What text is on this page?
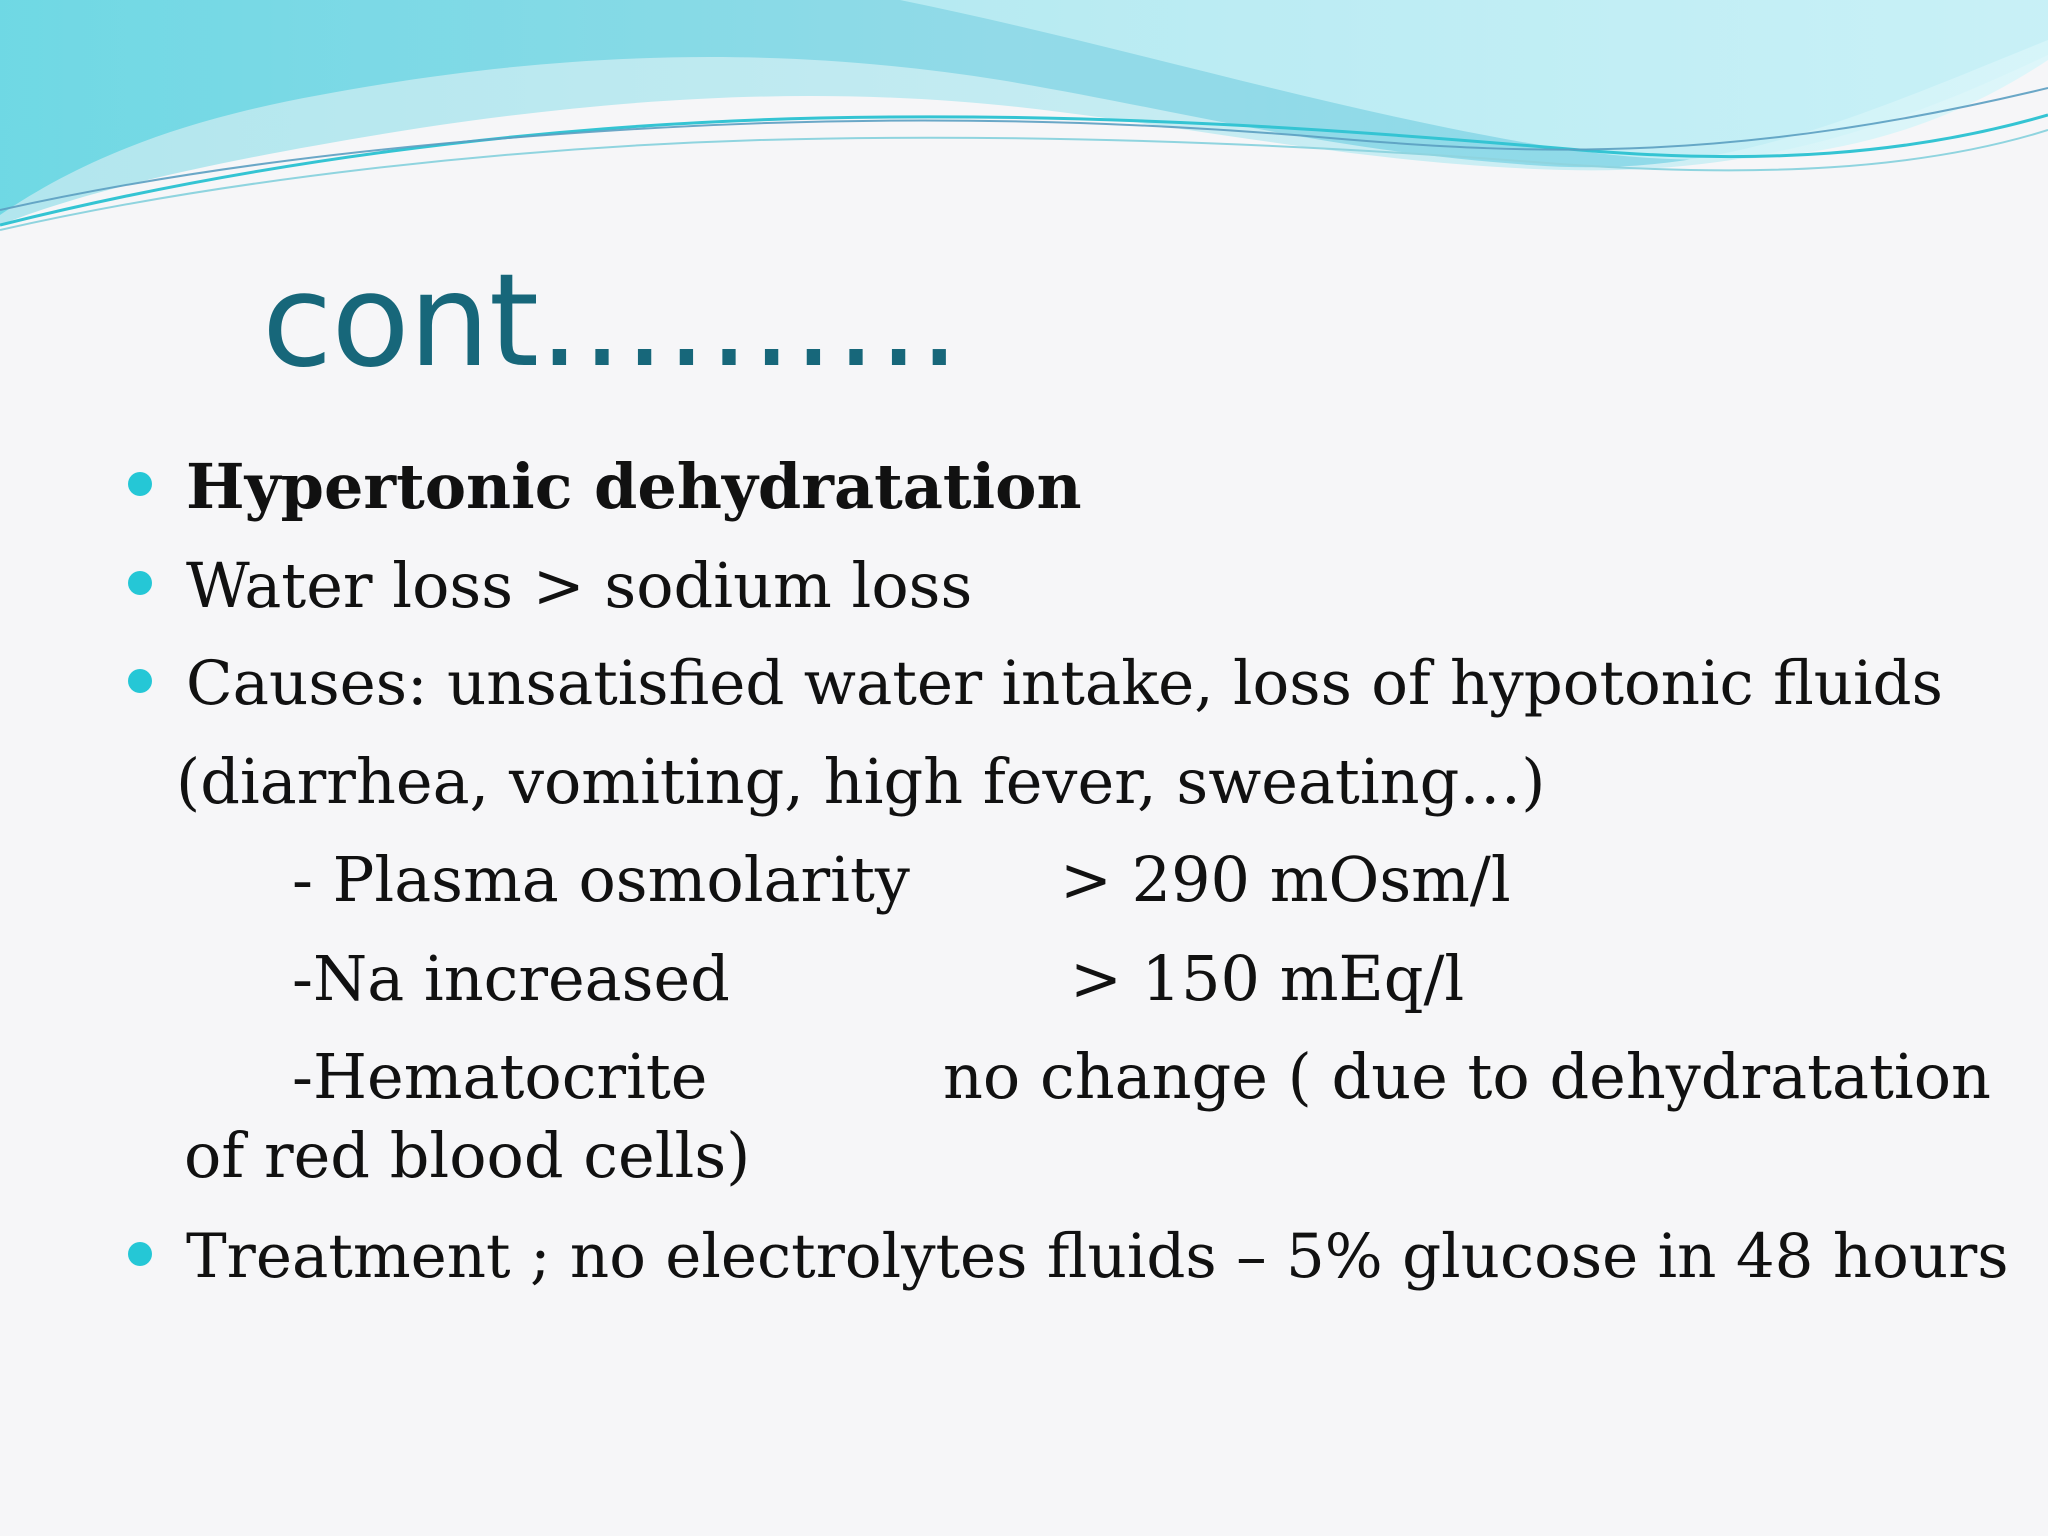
cont……….
Hypertonic dehydratation
Water loss > sodium loss
Causes: unsatisfied water intake, loss of hypotonic fluids
(diarrhea, vomiting, high fever, sweating…)
- Plasma osmolarity > 290 mOsm/l
-Na increased	> 150 mEq/l
-Hematocrite	no change ( due to dehydratation
of red blood cells)
Treatment ; no electrolytes fluids – 5% glucose in 48 hours
